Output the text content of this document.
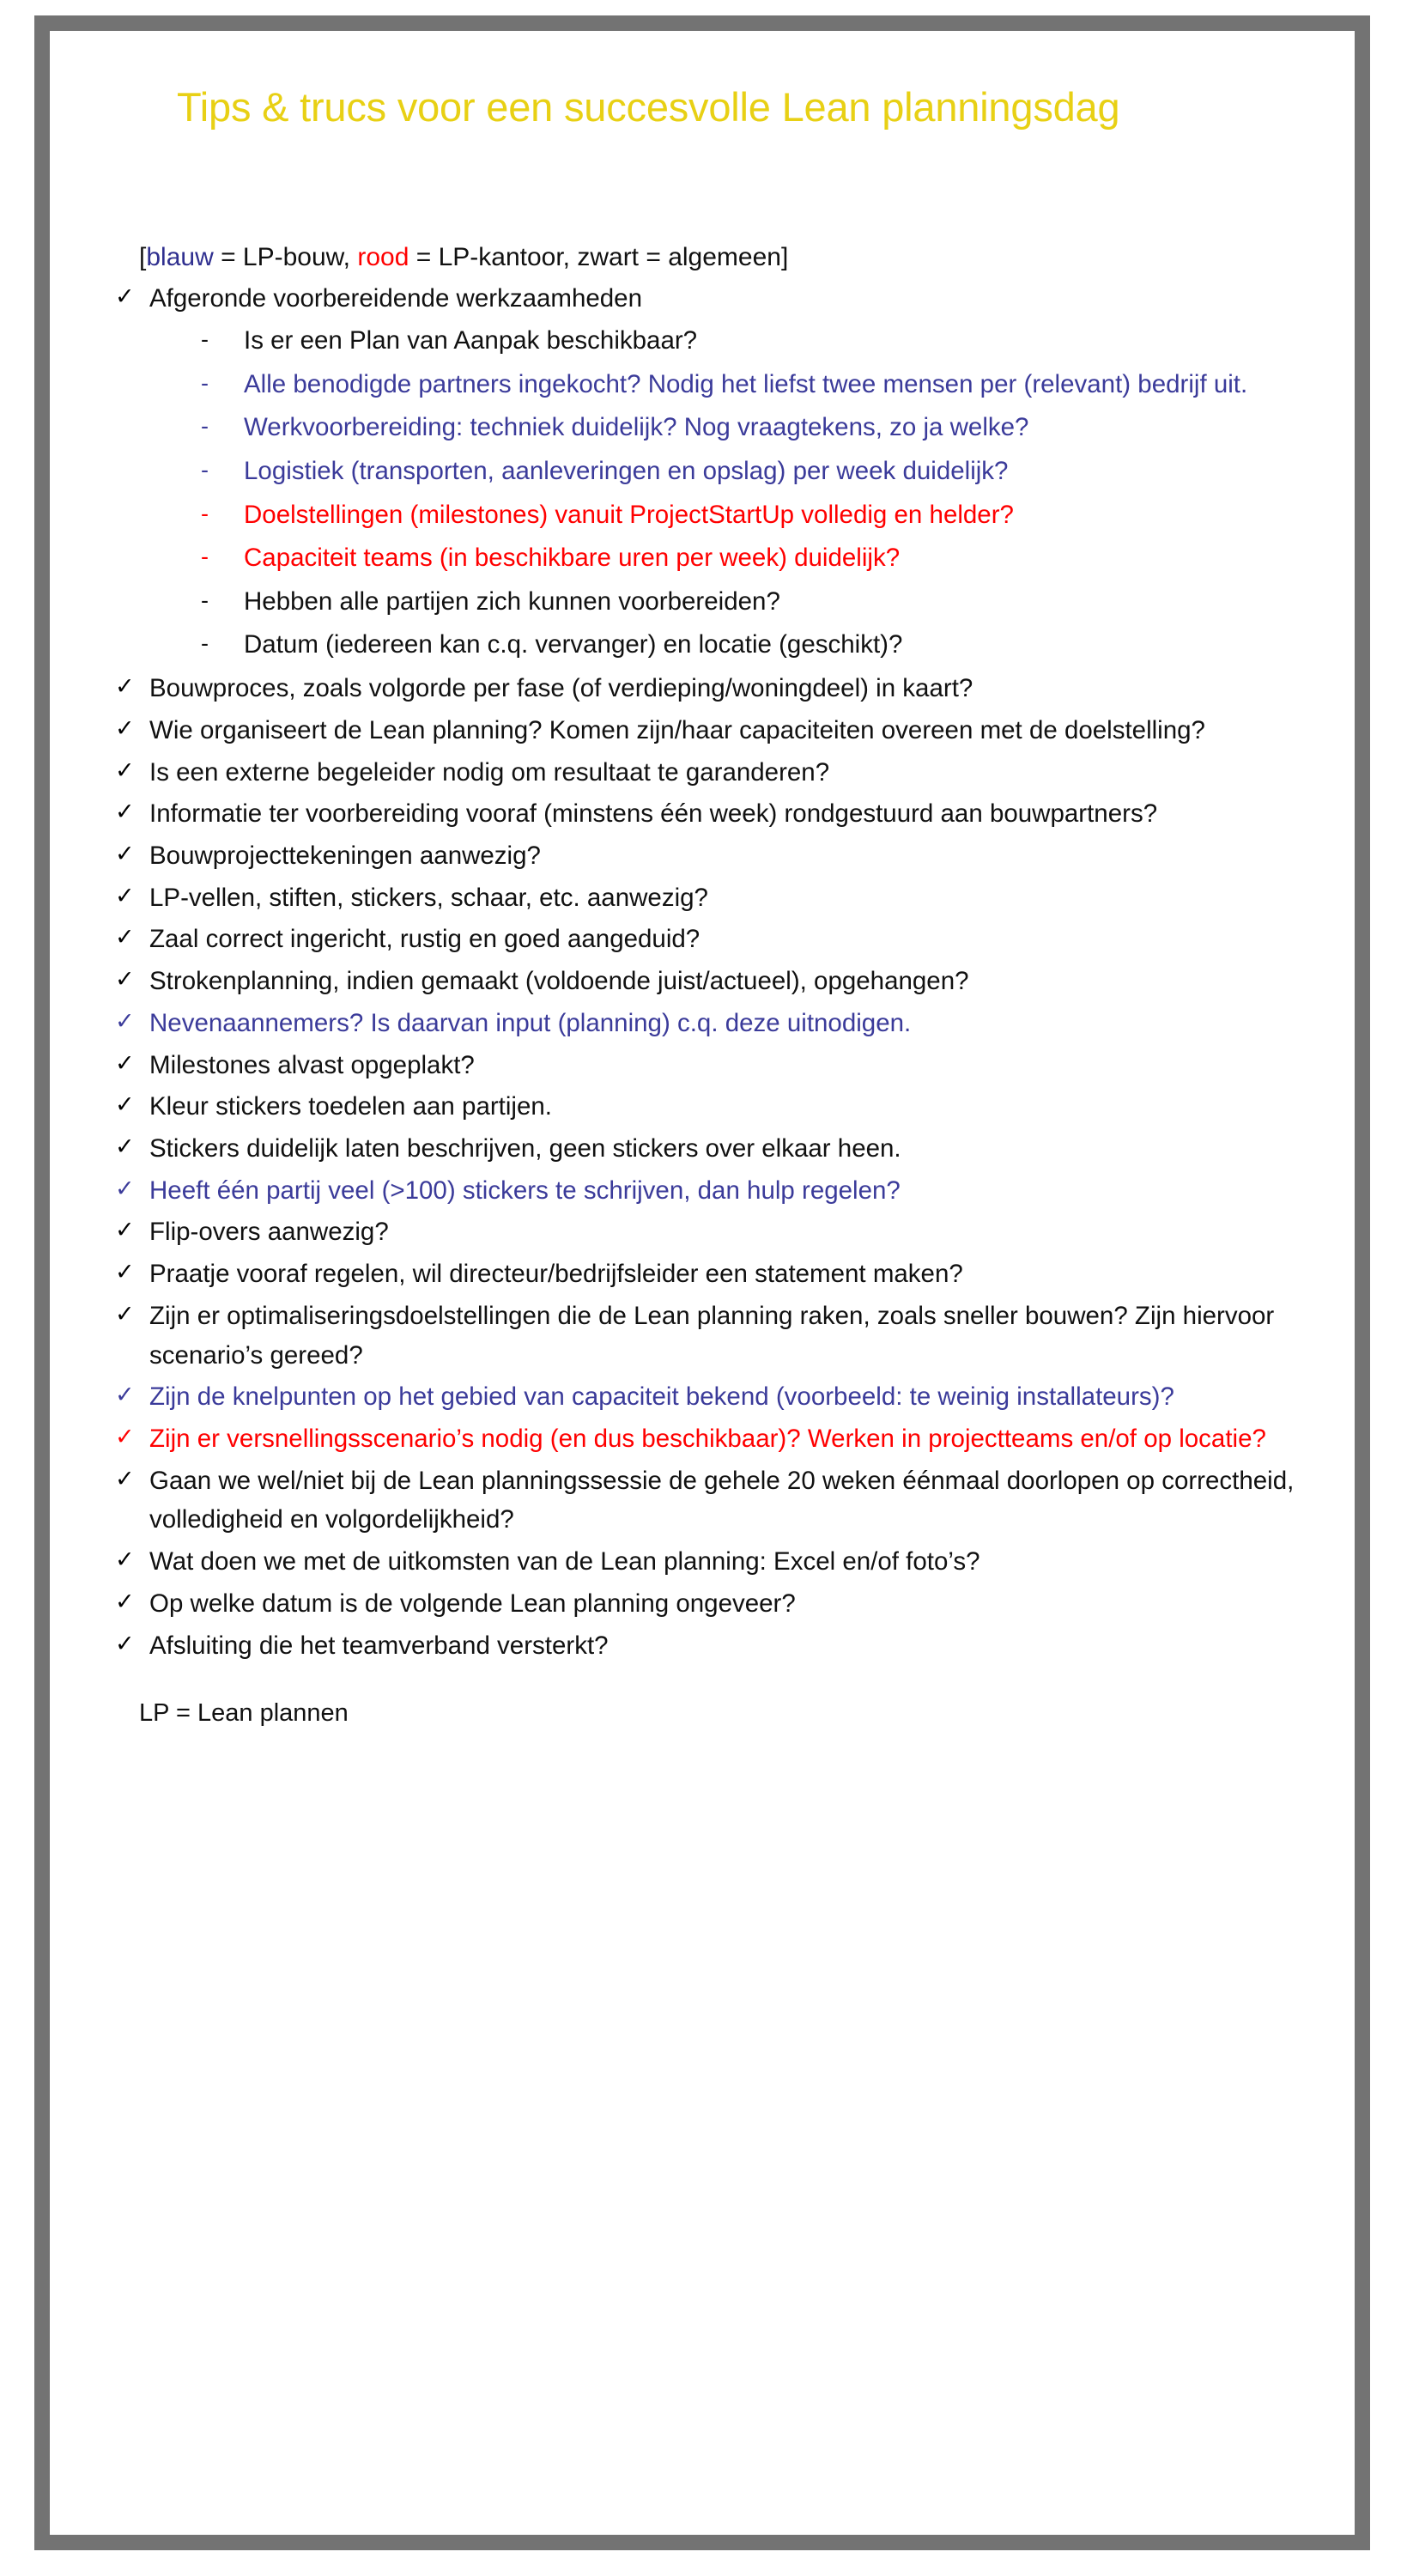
Tips & trucs voor een succesvolle Lean planningsdag

[blauw = LP-bouw, rood = LP-kantoor, zwart = algemeen]

✓ Afgeronde voorbereidende werkzaamheden
- Is er een Plan van Aanpak beschikbaar?
- Alle benodigde partners ingekocht? Nodig het liefst twee mensen per (relevant) bedrijf uit.
- Werkvoorbereiding: techniek duidelijk? Nog vraagtekens, zo ja welke?
- Logistiek (transporten, aanleveringen en opslag) per week duidelijk?
- Doelstellingen (milestones) vanuit ProjectStartUp volledig en helder?
- Capaciteit teams (in beschikbare uren per week) duidelijk?
- Hebben alle partijen zich kunnen voorbereiden?
- Datum (iedereen kan c.q. vervanger) en locatie (geschikt)?
✓ Bouwproces, zoals volgorde per fase (of verdieping/woningdeel) in kaart?
✓ Wie organiseert de Lean planning? Komen zijn/haar capaciteiten overeen met de doelstelling?
✓ Is een externe begeleider nodig om resultaat te garanderen?
✓ Informatie ter voorbereiding vooraf (minstens één week) rondgestuurd aan bouwpartners?
✓ Bouwprojecttekeningen aanwezig?
✓ LP-vellen, stiften, stickers, schaar, etc. aanwezig?
✓ Zaal correct ingericht, rustig en goed aangeduid?
✓ Strokenplanning, indien gemaakt (voldoende juist/actueel), opgehangen?
✓ Nevenaannemers? Is daarvan input (planning) c.q. deze uitnodigen.
✓ Milestones alvast opgeplakt?
✓ Kleur stickers toedelen aan partijen.
✓ Stickers duidelijk laten beschrijven, geen stickers over elkaar heen.
✓ Heeft één partij veel (>100) stickers te schrijven, dan hulp regelen?
✓ Flip-overs aanwezig?
✓ Praatje vooraf regelen, wil directeur/bedrijfsleider een statement maken?
✓ Zijn er optimaliseringsdoelstellingen die de Lean planning raken, zoals sneller bouwen? Zijn hiervoor scenario’s gereed?
✓ Zijn de knelpunten op het gebied van capaciteit bekend (voorbeeld: te weinig installateurs)?
✓ Zijn er versnellingsscenario’s nodig (en dus beschikbaar)? Werken in projectteams en/of op locatie?
✓ Gaan we wel/niet bij de Lean planningssessie de gehele 20 weken éénmaal doorlopen op correctheid, volledigheid en volgordelijkheid?
✓ Wat doen we met de uitkomsten van de Lean planning: Excel en/of foto’s?
✓ Op welke datum is de volgende Lean planning ongeveer?
✓ Afsluiting die het teamverband versterkt?
LP = Lean plannen
